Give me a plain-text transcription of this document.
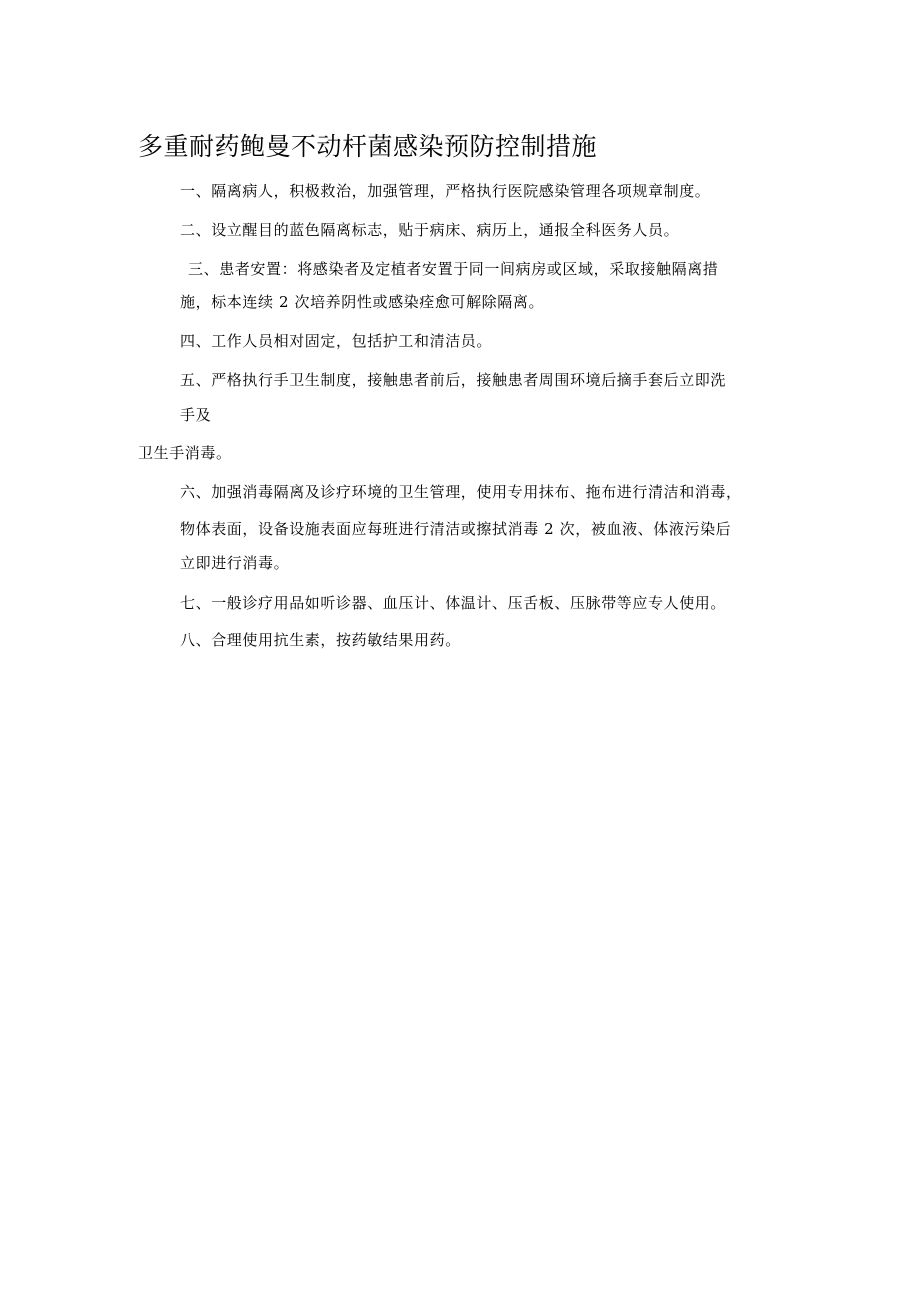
多重耐药鲍曼不动杆菌感染预防控制措施
一、隔离病人，积极救治，加强管理，严格执行医院感染管理各项规章制度。
二、设立醒目的蓝色隔离标志，贴于病床、病历上，通报全科医务人员。
三、患者安置：将感染者及定植者安置于同一间病房或区域，采取接触隔离措
施，标本连续 2 次培养阴性或感染痊愈可解除隔离。
四、工作人员相对固定，包括护工和清洁员。
五、严格执行手卫生制度，接触患者前后，接触患者周围环境后摘手套后立即洗
手及
卫生手消毒。
六、加强消毒隔离及诊疗环境的卫生管理，使用专用抹布、拖布进行清洁和消毒，
物体表面，设备设施表面应每班进行清洁或擦拭消毒 2 次，被血液、体液污染后
立即进行消毒。
七、一般诊疗用品如听诊器、血压计、体温计、压舌板、压脉带等应专人使用。
八、合理使用抗生素，按药敏结果用药。
